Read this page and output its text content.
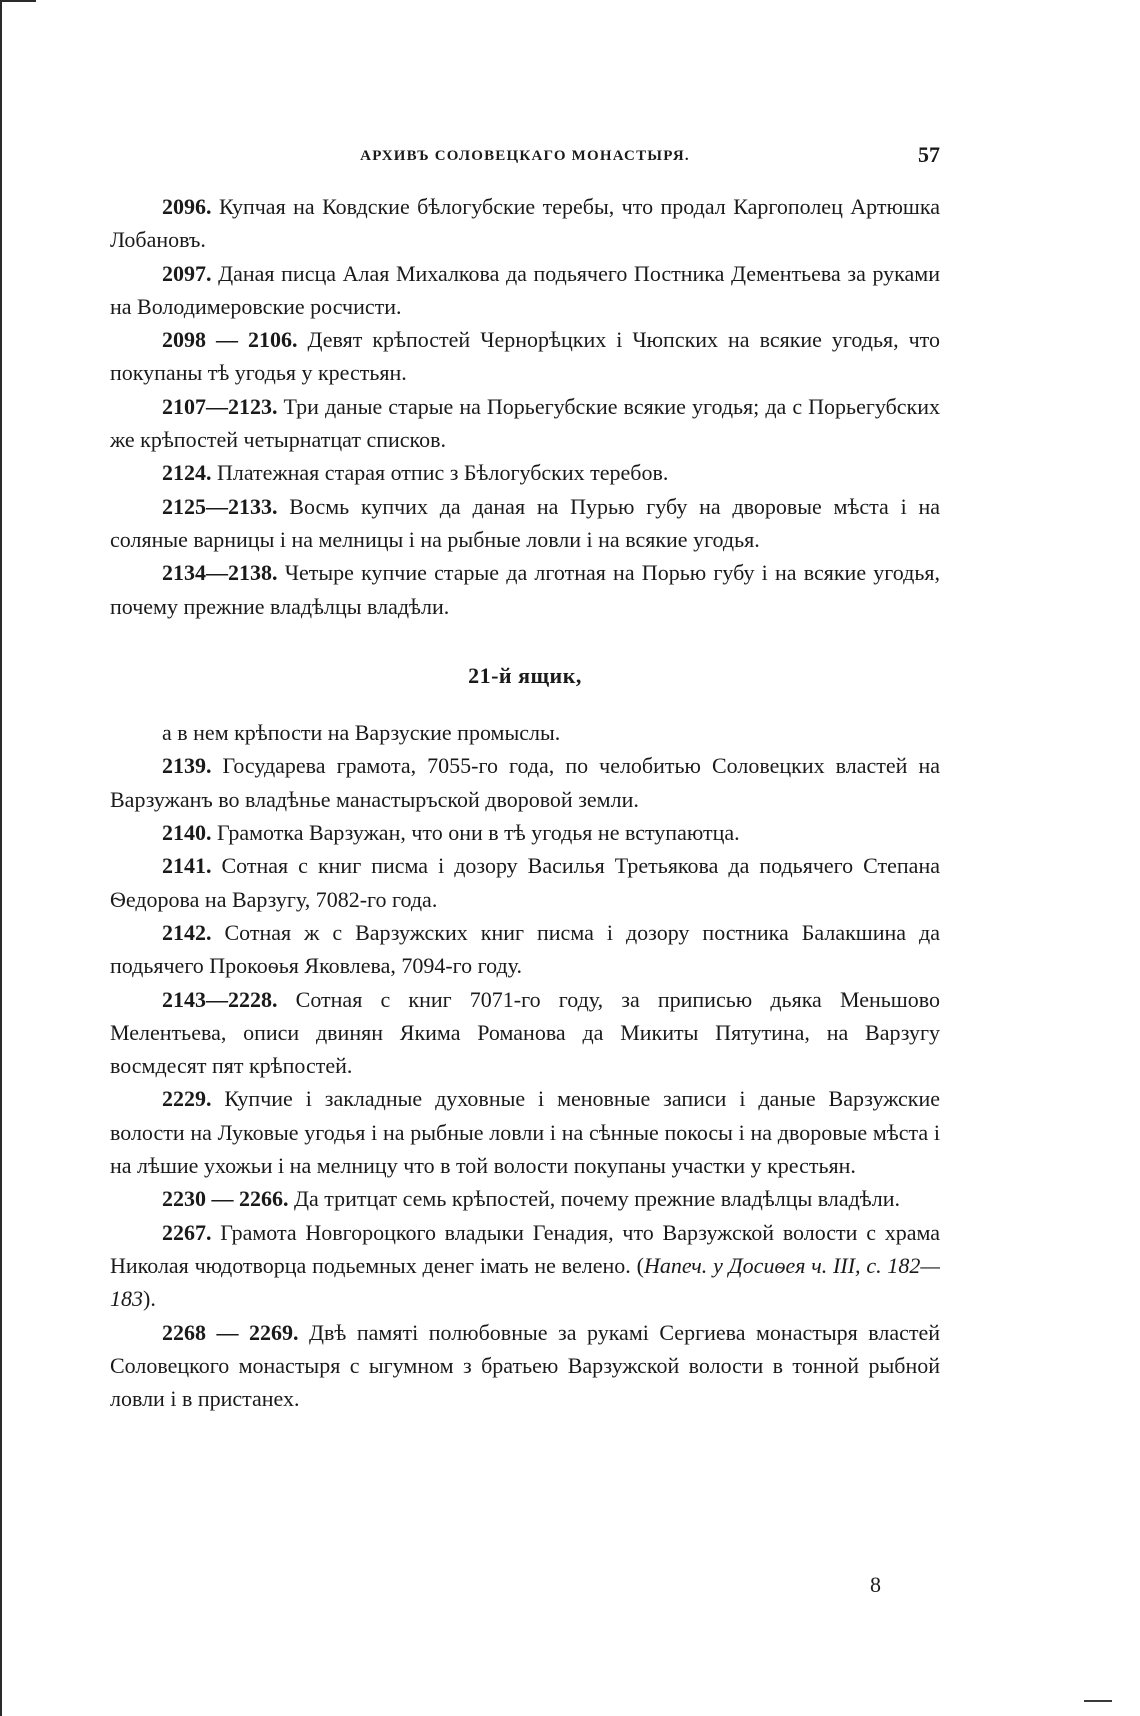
АРХИВЪ СОЛОВЕЦКАГО МОНАСТЫРЯ.	57

2096. Купчая на Ковдские бѣлогубские теребы, что продал Каргополец Артюшка Лобановъ.

2097. Даная писца Алая Михалкова да подьячего Постника Дементьева за руками на Володимеровские росчисти.

2098 — 2106. Девят крѣпостей Чернорѣцких і Чюпских на всякие угодья, что покупаны тѣ угодья у крестьян.

2107—2123. Три даные старые на Порьегубские всякие угодья; да с Порьегубских же крѣпостей четырнатцат списков.

2124. Платежная старая отпис з Бѣлогубских теребов.

2125—2133. Восмь купчих да даная на Пурью губу на дворовые мѣста і на соляные варницы і на мелницы і на рыбные ловли і на всякие угодья.

2134—2138. Четыре купчие старые да лготная на Порью губу і на всякие угодья, почему прежние владѣлцы владѣли.

21-й ящик,

а в нем крѣпости на Варзуские промыслы.

2139. Государева грамота, 7055-го года, по челобитью Соловецких властей на Варзужанъ во владѣнье манастыръской дворовой земли.

2140. Грамотка Варзужан, что они в тѣ угодья не вступаютца.

2141. Сотная с книг писма і дозору Василья Третьякова да подьячего Степана Ѳедорова на Варзугу, 7082-го года.

2142. Сотная ж с Варзужских книг писма і дозору постника Балакшина да подьячего Прокоѳья Яковлева, 7094-го году.

2143—2228. Сотная с книг 7071-го году, за приписью дьяка Меньшово Мелентьева, описи двинян Якима Романова да Микиты Пятутина, на Варзугу восмдесят пят крѣпостей.

2229. Купчие і закладные духовные і меновные записи і даные Варзужские волости на Луковые угодья і на рыбные ловли і на сѣнные покосы і на дворовые мѣста і на лѣшие ухожьи і на мелницу что в той волости покупаны участки у крестьян.

2230 — 2266. Да тритцат семь крѣпостей, почему прежние владѣлцы владѣли.

2267. Грамота Новгороцкого владыки Генадия, что Варзужской волости с храма Николая чюдотворца подьемных денег імать не велено. (Напеч. у Досиѳея ч. III, с. 182—183).

2268 — 2269. Двѣ памяті полюбовные за рукамі Сергиева монастыря властей Соловецкого монастыря с ыгумном з братьею Варзужской волости в тонной рыбной ловли і в пристанех.

8
